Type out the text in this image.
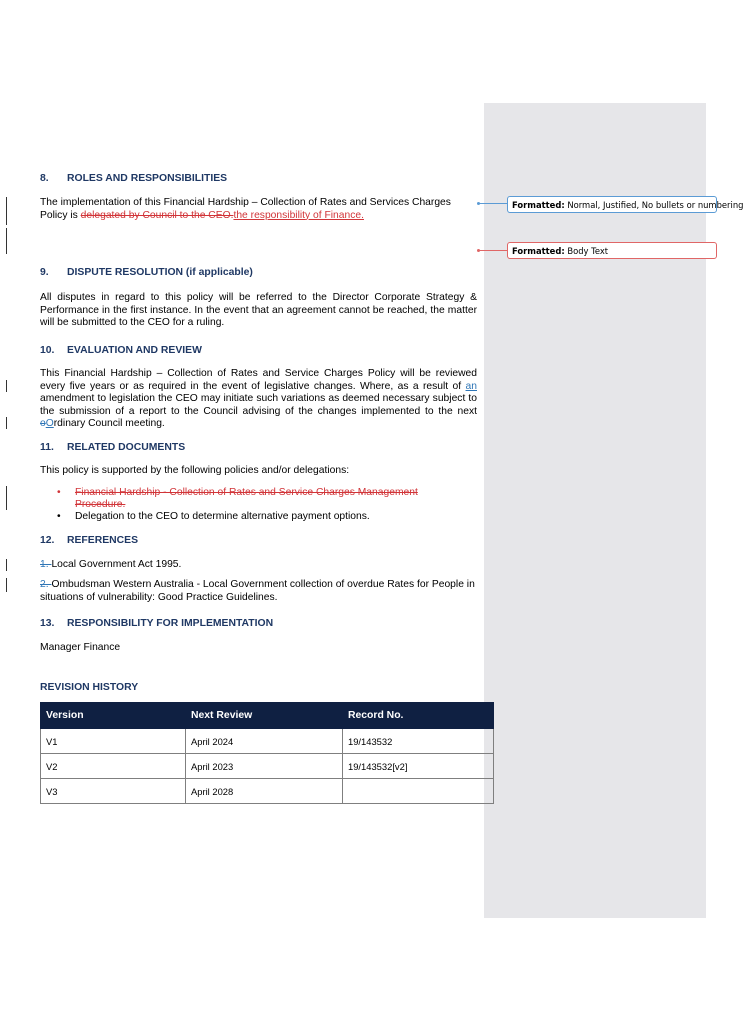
8. ROLES AND RESPONSIBILITIES
The implementation of this Financial Hardship – Collection of Rates and Services Charges
Policy is delegated by Council to the CEO.the responsibility of Finance.
9. DISPUTE RESOLUTION (if applicable)
All disputes in regard to this policy will be referred to the Director Corporate Strategy & Performance in the first instance. In the event that an agreement cannot be reached, the matter will be submitted to the CEO for a ruling.
10. EVALUATION AND REVIEW
This Financial Hardship – Collection of Rates and Service Charges Policy will be reviewed every five years or as required in the event of legislative changes. Where, as a result of an amendment to legislation the CEO may initiate such variations as deemed necessary subject to the submission of a report to the Council advising of the changes implemented to the next oOrdinary Council meeting.
11. RELATED DOCUMENTS
This policy is supported by the following policies and/or delegations:
• Financial Hardship - Collection of Rates and Service Charges Management Procedure.
• Delegation to the CEO to determine alternative payment options.
12. REFERENCES
1. Local Government Act 1995.
2. Ombudsman Western Australia - Local Government collection of overdue Rates for People in situations of vulnerability: Good Practice Guidelines.
13. RESPONSIBILITY FOR IMPLEMENTATION
Manager Finance
REVISION HISTORY
Version	Next Review	Record No.
V1	April 2024	19/143532
V2	April 2023	19/143532[v2]
V3	April 2028	
Formatted: Normal, Justified, No bullets or numbering
Formatted: Body Text
